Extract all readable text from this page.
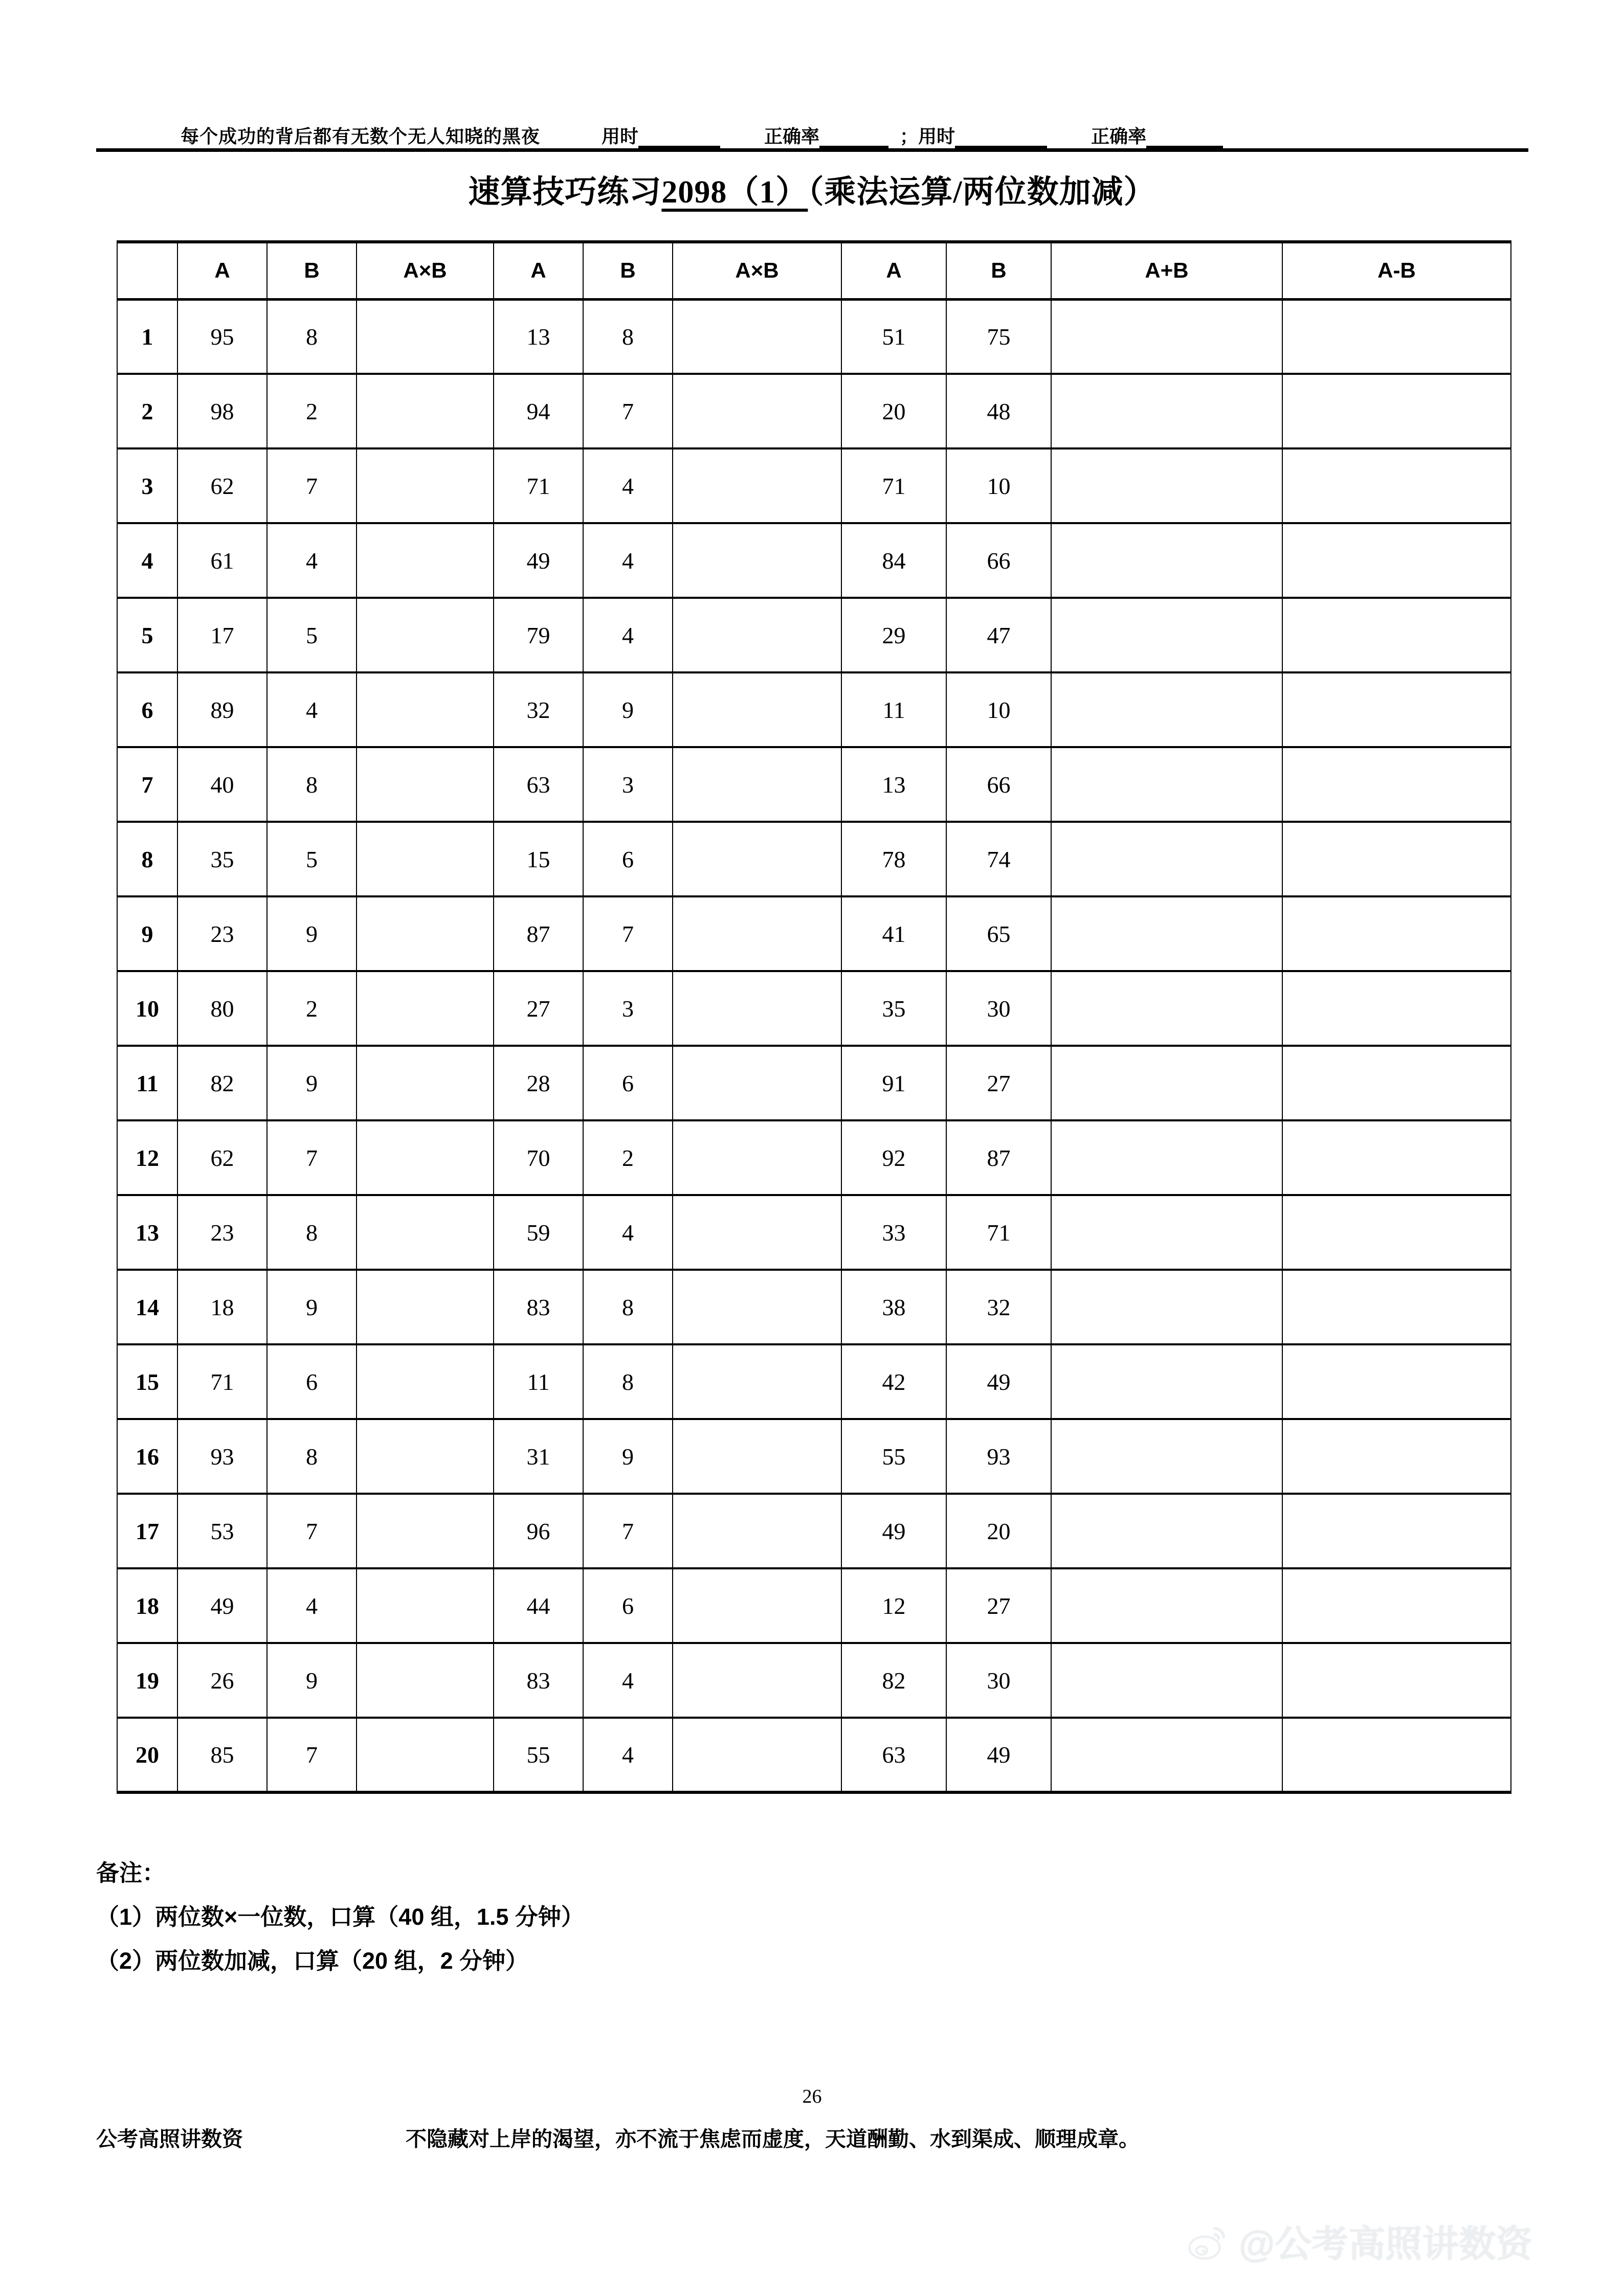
每个成功的背后都有无数个无人知晓的黑夜	用时	正确率	； 用时	正确率
速算技巧练习2098（1）（乘法运算/两位数加减）
	A	B	A×B	A	B	A×B	A	B	A+B	A-B
1	95	8		13	8		51	75		
2	98	2		94	7		20	48		
3	62	7		71	4		71	10		
4	61	4		49	4		84	66		
5	17	5		79	4		29	47		
6	89	4		32	9		11	10		
7	40	8		63	3		13	66		
8	35	5		15	6		78	74		
9	23	9		87	7		41	65		
10	80	2		27	3		35	30		
11	82	9		28	6		91	27		
12	62	7		70	2		92	87		
13	23	8		59	4		33	71		
14	18	9		83	8		38	32		
15	71	6		11	8		42	49		
16	93	8		31	9		55	93		
17	53	7		96	7		49	20		
18	49	4		44	6		12	27		
19	26	9		83	4		82	30		
20	85	7		55	4		63	49		
备注：
（1）两位数×一位数，口算（40 组，1.5 分钟）
（2）两位数加减，口算（20 组，2 分钟）
26
公考高照讲数资	不隐藏对上岸的渴望，亦不流于焦虑而虚度，天道酬勤、水到渠成、顺理成章。
@公考高照讲数资
